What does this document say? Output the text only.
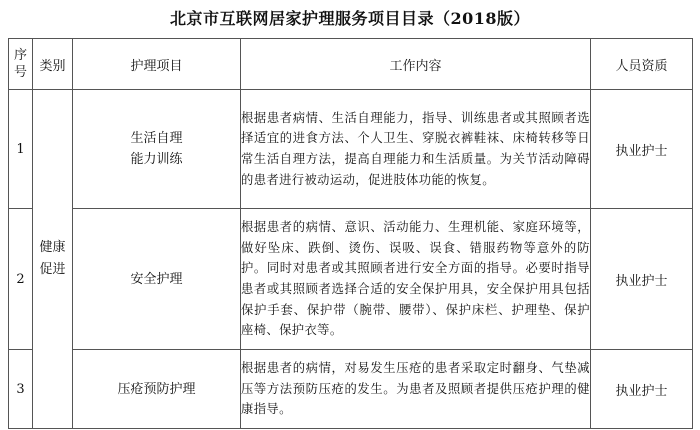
北京市互联网居家护理服务项目目录（2018版）
序号	类别	护理项目	工作内容	人员资质
1	健康促进	生活自理能力训练	根据患者病情、生活自理能力，指导、训练患者或其照顾者选择适宜的进食方法、个人卫生、穿脱衣裤鞋袜、床椅转移等日常生活自理方法，提高自理能力和生活质量。为关节活动障碍的患者进行被动运动，促进肢体功能的恢复。	执业护士
2		安全护理	根据患者的病情、意识、活动能力、生理机能、家庭环境等，做好坠床、跌倒、烫伤、误吸、误食、错服药物等意外的防护。同时对患者或其照顾者进行安全方面的指导。必要时指导患者或其照顾者选择合适的安全保护用具，安全保护用具包括保护手套、保护带（腕带、腰带）、保护床栏、护理垫、保护座椅、保护衣等。	执业护士
3		压疮预防护理	根据患者的病情，对易发生压疮的患者采取定时翻身、气垫减压等方法预防压疮的发生。为患者及照顾者提供压疮护理的健康指导。	执业护士
